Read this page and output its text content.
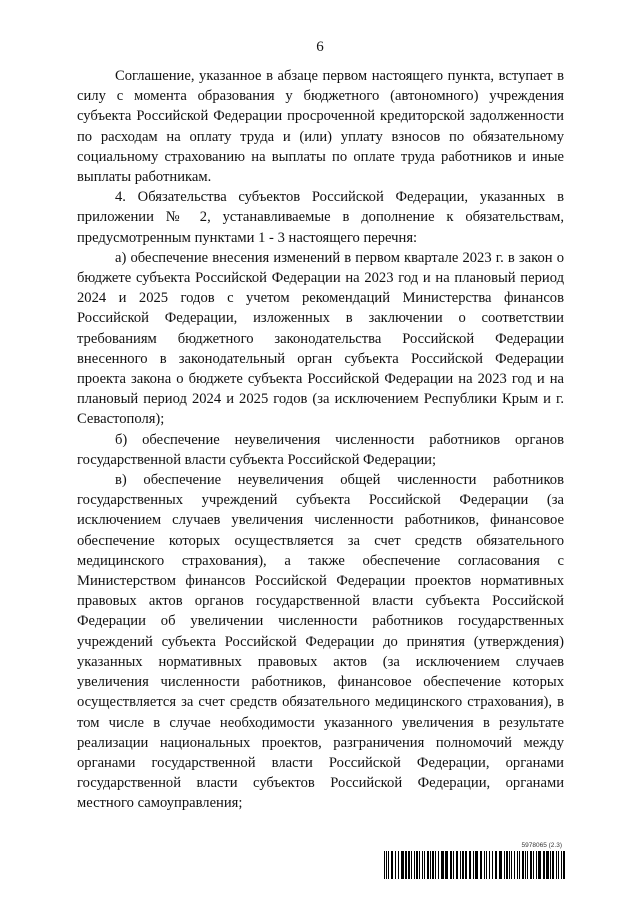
6

Соглашение, указанное в абзаце первом настоящего пункта, вступает в силу с момента образования у бюджетного (автономного) учреждения субъекта Российской Федерации просроченной кредиторской задолженности по расходам на оплату труда и (или) уплату взносов по обязательному социальному страхованию на выплаты по оплате труда работников и иные выплаты работникам.

4. Обязательства субъектов Российской Федерации, указанных в приложении № 2, устанавливаемые в дополнение к обязательствам, предусмотренным пунктами 1 - 3 настоящего перечня:

а) обеспечение внесения изменений в первом квартале 2023 г. в закон о бюджете субъекта Российской Федерации на 2023 год и на плановый период 2024 и 2025 годов с учетом рекомендаций Министерства финансов Российской Федерации, изложенных в заключении о соответствии требованиям бюджетного законодательства Российской Федерации внесенного в законодательный орган субъекта Российской Федерации проекта закона о бюджете субъекта Российской Федерации на 2023 год и на плановый период 2024 и 2025 годов (за исключением Республики Крым и г. Севастополя);

б) обеспечение неувеличения численности работников органов государственной власти субъекта Российской Федерации;

в) обеспечение неувеличения общей численности работников государственных учреждений субъекта Российской Федерации (за исключением случаев увеличения численности работников, финансовое обеспечение которых осуществляется за счет средств обязательного медицинского страхования), а также обеспечение согласования с Министерством финансов Российской Федерации проектов нормативных правовых актов органов государственной власти субъекта Российской Федерации об увеличении численности работников государственных учреждений субъекта Российской Федерации до принятия (утверждения) указанных нормативных правовых актов (за исключением случаев увеличения численности работников, финансовое обеспечение которых осуществляется за счет средств обязательного медицинского страхования), в том числе в случае необходимости указанного увеличения в результате реализации национальных проектов, разграничения полномочий между органами государственной власти Российской Федерации, органами государственной власти субъектов Российской Федерации, органами местного самоуправления;

5978065 (2.3)
